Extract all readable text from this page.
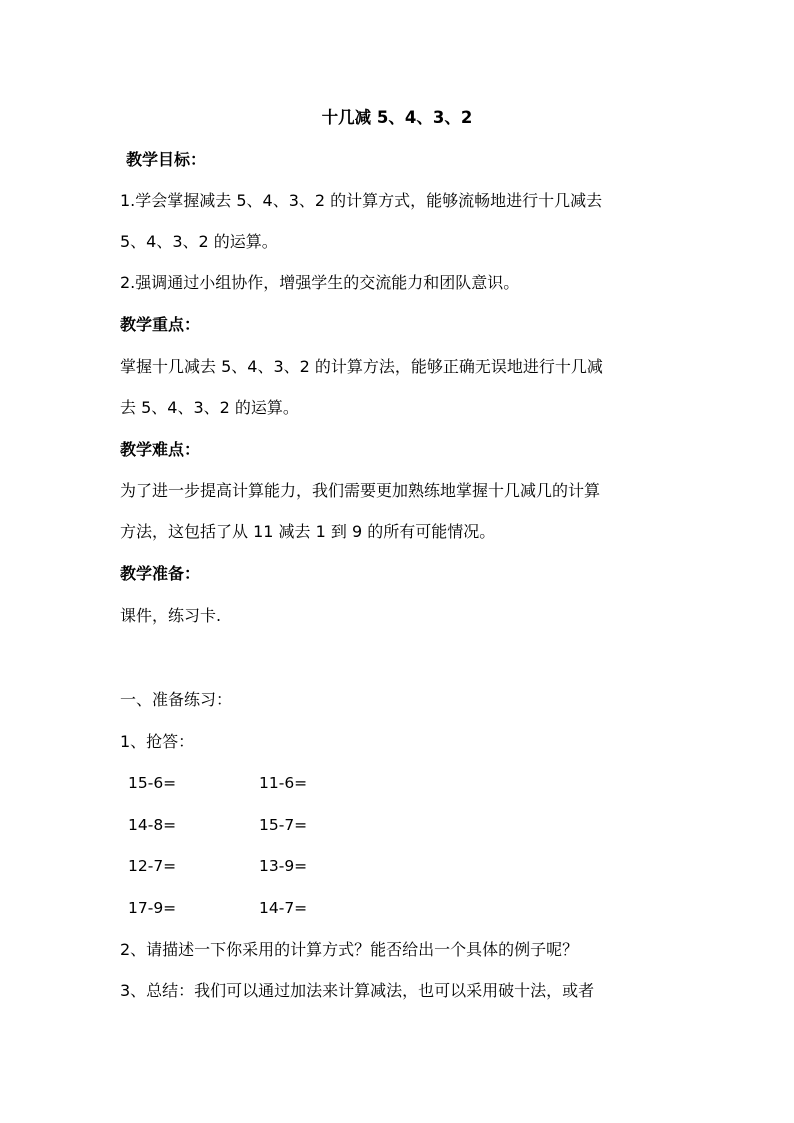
十几减 5、4、3、2
教学目标：
1.学会掌握减去 5、4、3、2 的计算方式，能够流畅地进行十几减去
5、4、3、2 的运算。
2.强调通过小组协作，增强学生的交流能力和团队意识。
教学重点：
掌握十几减去 5、4、3、2 的计算方法，能够正确无误地进行十几减
去 5、4、3、2 的运算。
教学难点：
为了进一步提高计算能力，我们需要更加熟练地掌握十几减几的计算
方法，这包括了从 11 减去 1 到 9 的所有可能情况。
教学准备：
课件，练习卡.
一、准备练习：
1、抢答：
15-6=	11-6=
14-8=	15-7=
12-7=	13-9=
17-9=	14-7=
2、请描述一下你采用的计算方式？能否给出一个具体的例子呢？
3、总结：我们可以通过加法来计算减法，也可以采用破十法，或者
